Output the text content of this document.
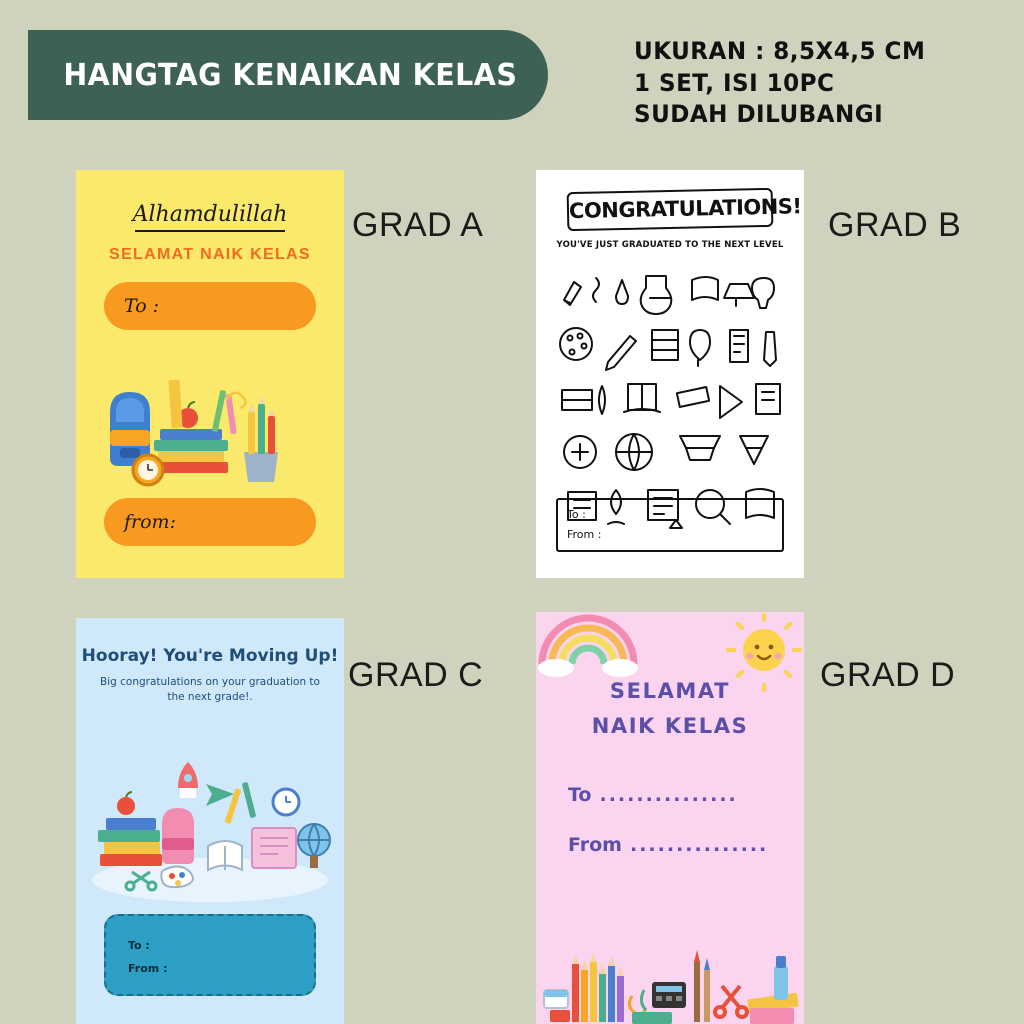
HANGTAG KENAIKAN KELAS
UKURAN : 8,5X4,5 CM
1 SET, ISI 10PC
SUDAH DILUBANGI
GRAD A	GRAD B
GRAD C	GRAD D
Alhamdulillah
SELAMAT NAIK KELAS
To :
from:
CONGRATULATIONS!
YOU'VE JUST GRADUATED TO THE NEXT LEVEL
To :
From :
Hooray! You're Moving Up!
Big congratulations on your graduation to the next grade!.
To :
From :
SELAMAT
NAIK KELAS
To ...............
From ...............
